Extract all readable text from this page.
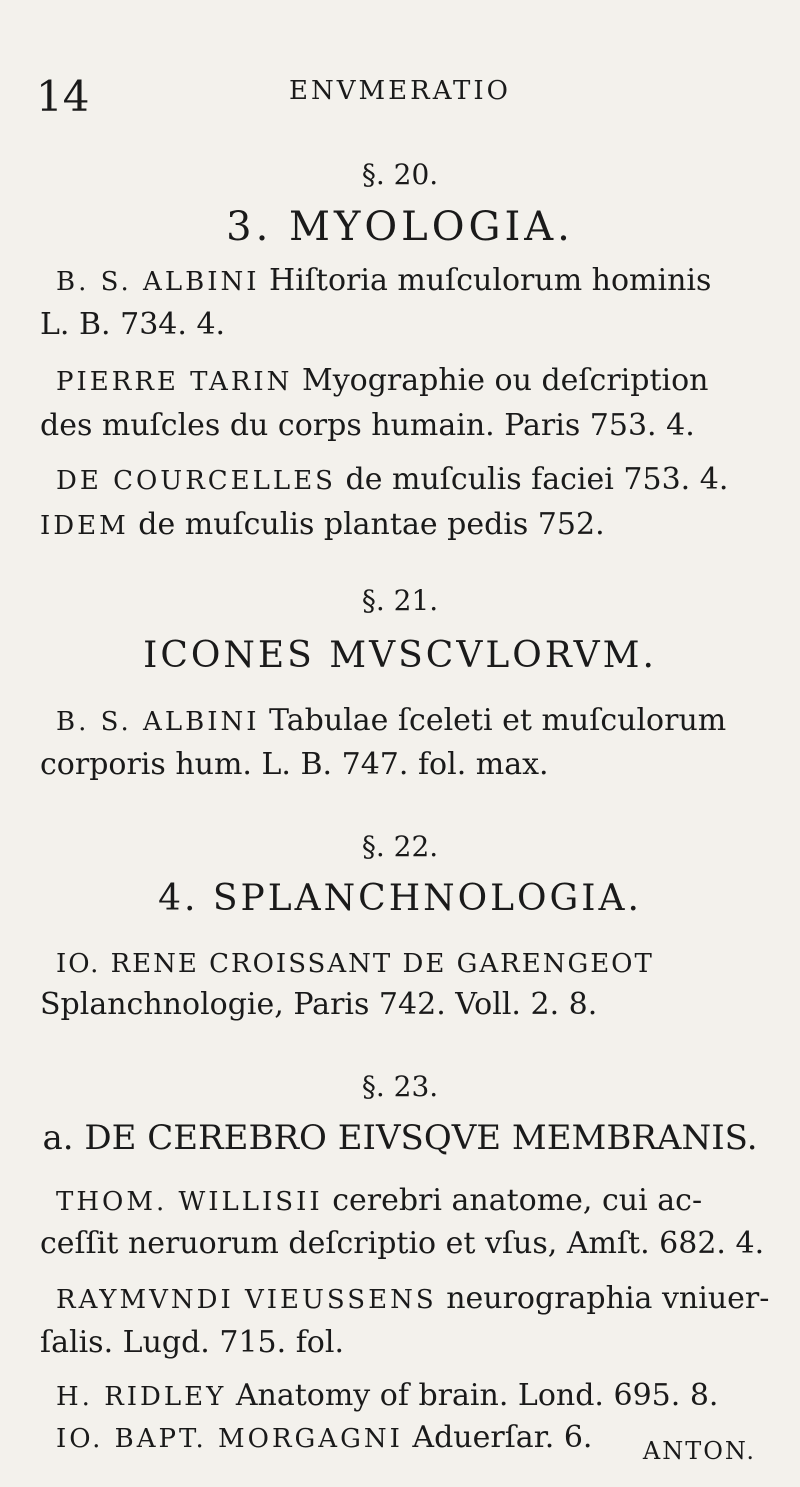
14	ENVMERATIO
§. 20.
3. MYOLOGIA.
B. S. ALBINI Hiſtoria muſculorum hominis
L. B. 734. 4.
PIERRE TARIN Myographie ou deſcription
des muſcles du corps humain. Paris 753. 4.
DE COURCELLES de muſculis faciei 753. 4.
IDEM de muſculis plantae pedis 752.
§. 21.
ICONES MVSCVLORVM.
B. S. ALBINI Tabulae ſceleti et muſculorum
corporis hum. L. B. 747. fol. max.
§. 22.
4. SPLANCHNOLOGIA.
IO. RENE CROISSANT DE GARENGEOT
Splanchnologie, Paris 742. Voll. 2. 8.
§. 23.
a. DE CEREBRO EIVSQVE MEMBRANIS.
THOM. WILLISII cerebri anatome, cui ac-
ceſſit neruorum deſcriptio et vſus, Amſt. 682. 4.
RAYMVNDI VIEUSSENS neurographia vniuer-
ſalis. Lugd. 715. fol.
H. RIDLEY Anatomy of brain. Lond. 695. 8.
IO. BAPT. MORGAGNI Aduerſar. 6. ANTON.
